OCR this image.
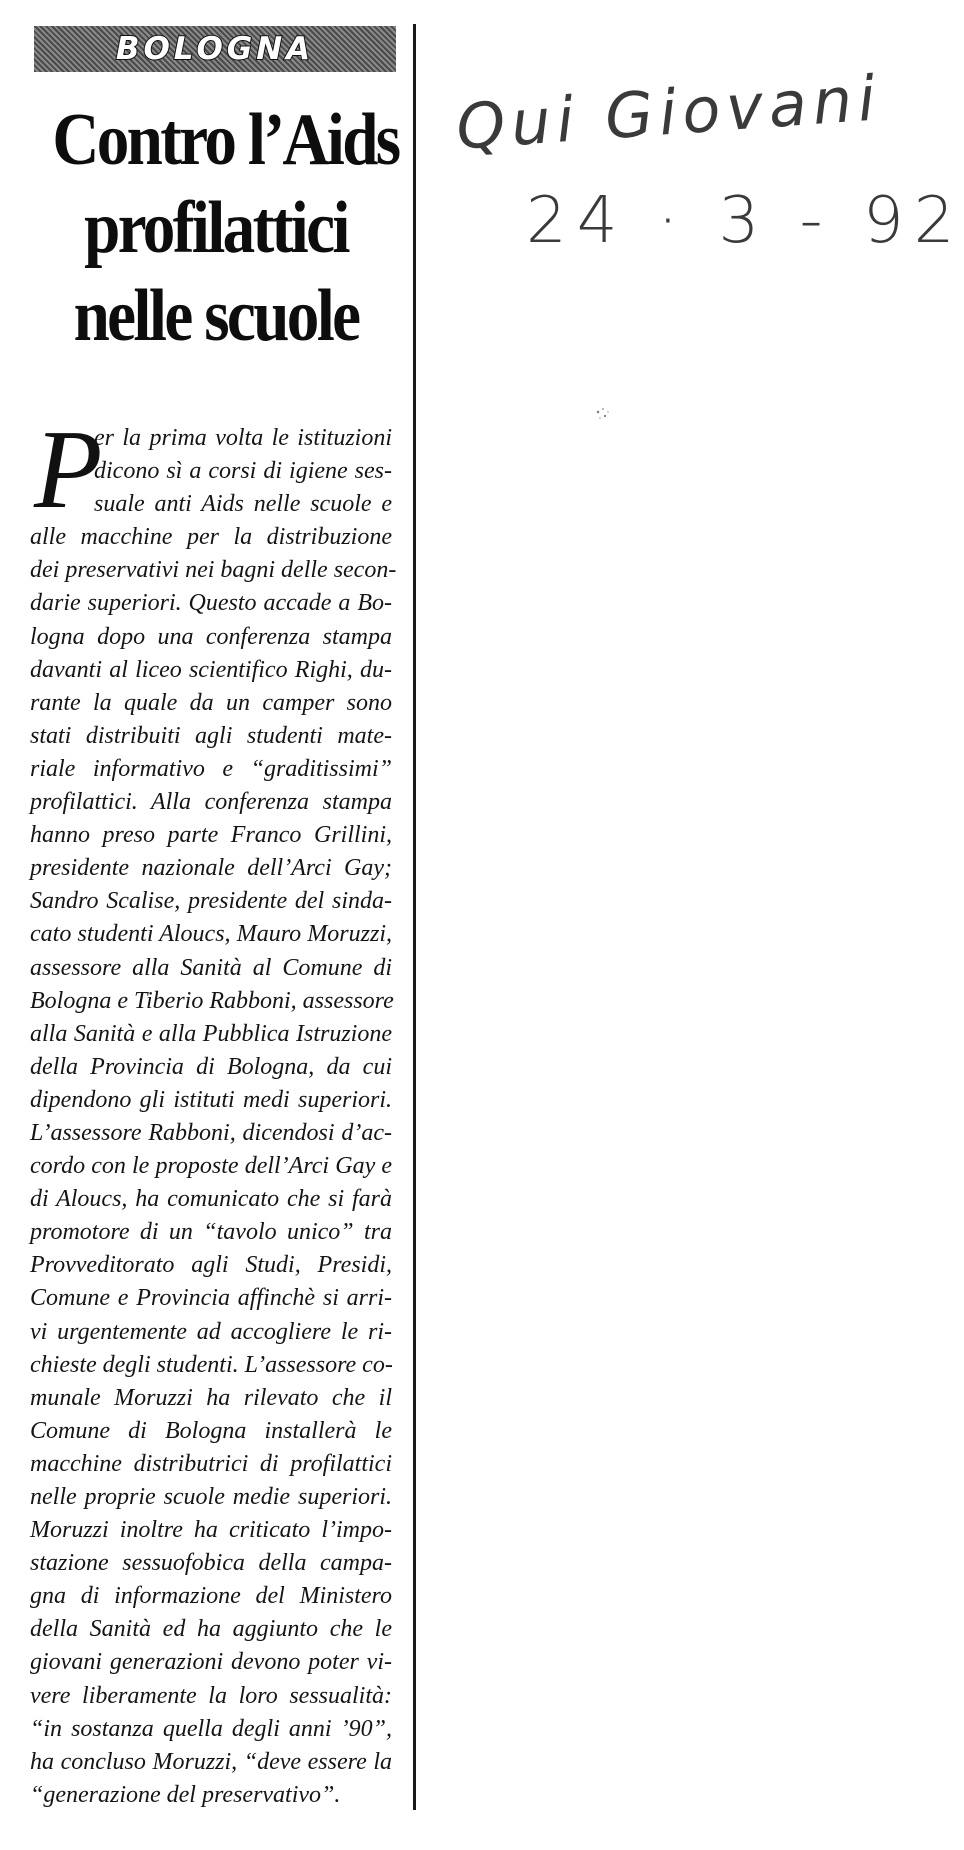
BOLOGNA
Contro l’Aids
profilattici
nelle scuole
P
er la prima volta le istituzioni
dicono sì a corsi di igiene ses-
suale anti Aids nelle scuole e
alle macchine per la distribuzione
dei preservativi nei bagni delle secon-
darie superiori. Questo accade a Bo-
logna dopo una conferenza stampa
davanti al liceo scientifico Righi, du-
rante la quale da un camper sono
stati distribuiti agli studenti mate-
riale informativo e “graditissimi”
profilattici. Alla conferenza stampa
hanno preso parte Franco Grillini,
presidente nazionale dell’Arci Gay;
Sandro Scalise, presidente del sinda-
cato studenti Aloucs, Mauro Moruzzi,
assessore alla Sanità al Comune di
Bologna e Tiberio Rabboni, assessore
alla Sanità e alla Pubblica Istruzione
della Provincia di Bologna, da cui
dipendono gli istituti medi superiori.
L’assessore Rabboni, dicendosi d’ac-
cordo con le proposte dell’Arci Gay e
di Aloucs, ha comunicato che si farà
promotore di un “tavolo unico” tra
Provveditorato agli Studi, Presidi,
Comune e Provincia affinchè si arri-
vi urgentemente ad accogliere le ri-
chieste degli studenti. L’assessore co-
munale Moruzzi ha rilevato che il
Comune di Bologna installerà le
macchine distributrici di profilattici
nelle proprie scuole medie superiori.
Moruzzi inoltre ha criticato l’impo-
stazione sessuofobica della campa-
gna di informazione del Ministero
della Sanità ed ha aggiunto che le
giovani generazioni devono poter vi-
vere liberamente la loro sessualità:
“in sostanza quella degli anni ’90”,
ha concluso Moruzzi, “deve essere la
“generazione del preservativo”.
Qui Giovani
24 · 3 - 92
